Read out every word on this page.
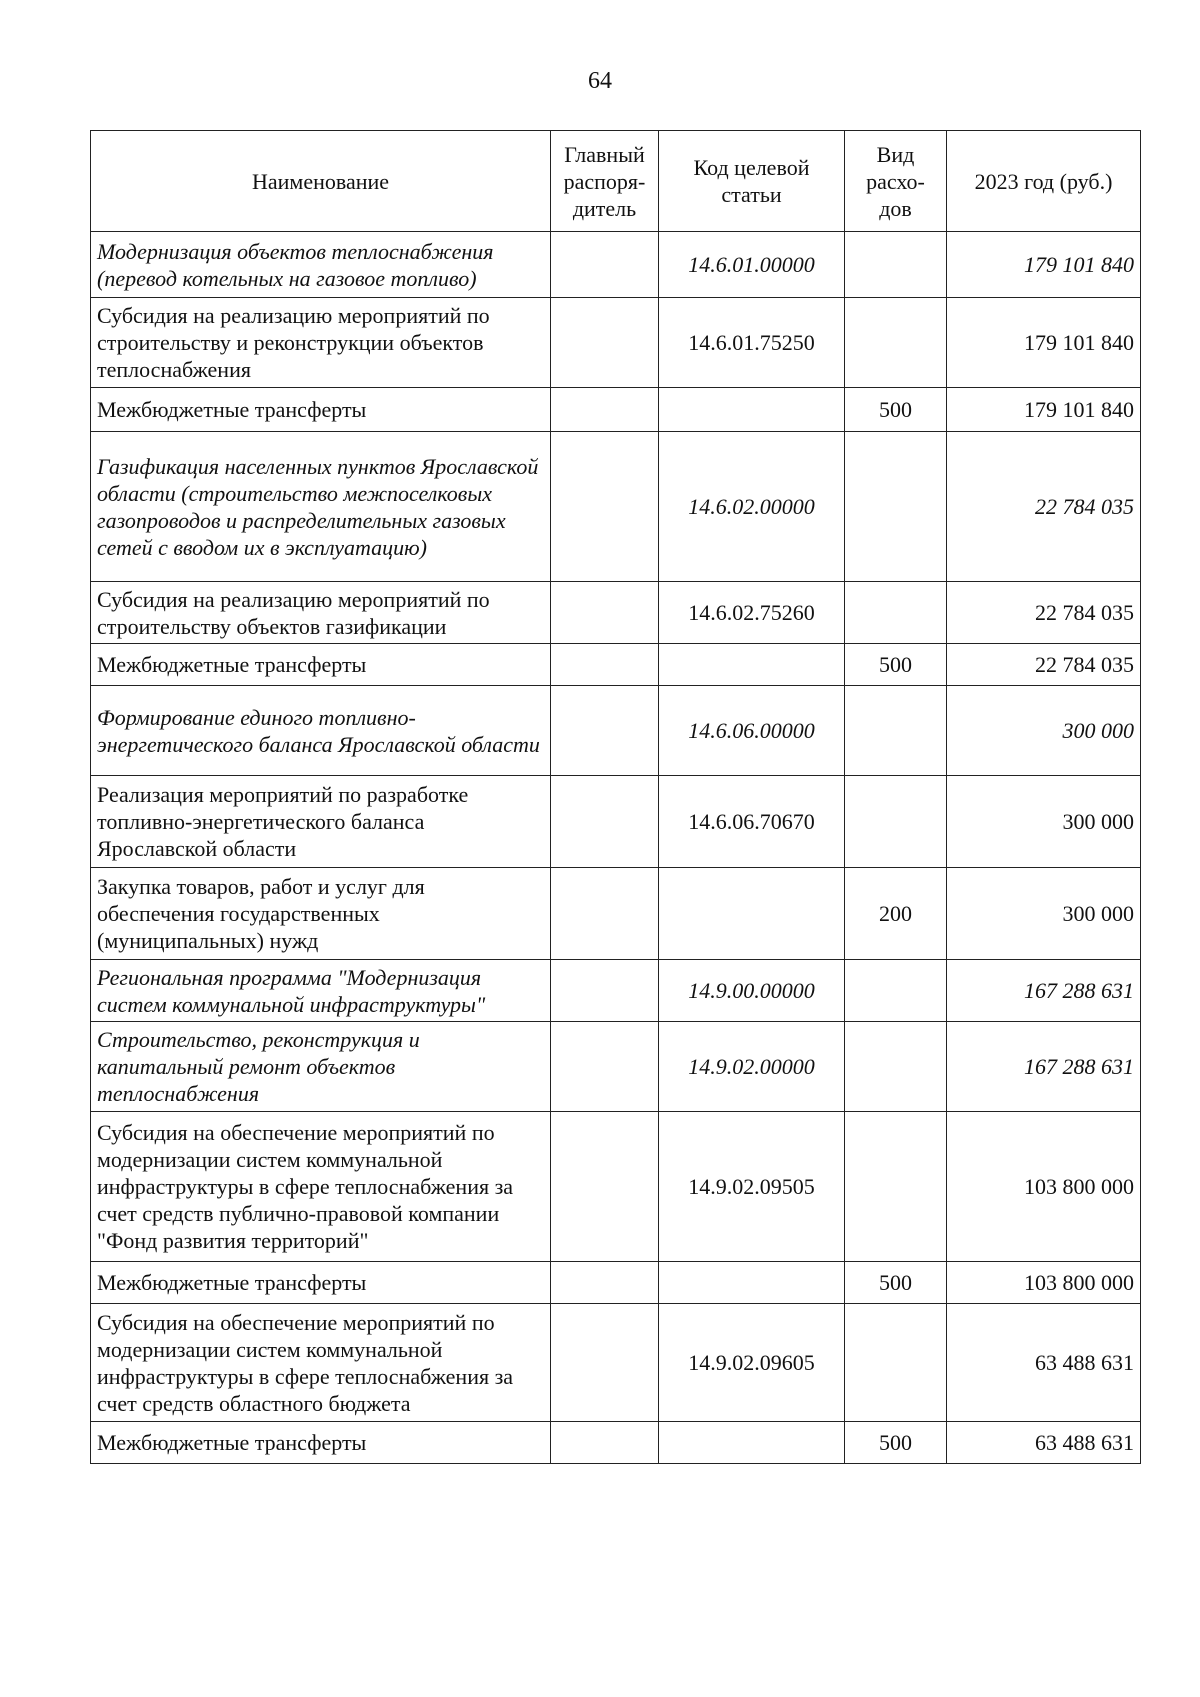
64
Наименование	Главный распоря- дитель	Код целевой статьи	Вид расхо- дов	2023 год (руб.)
Модернизация объектов теплоснабжения (перевод котельных на газовое топливо)		14.6.01.00000		179 101 840
Субсидия на реализацию мероприятий по строительству и реконструкции объектов теплоснабжения		14.6.01.75250		179 101 840
Межбюджетные трансферты			500	179 101 840
Газификация населенных пунктов Ярославской области (строительство межпоселковых газопроводов и распределительных газовых сетей с вводом их в эксплуатацию)		14.6.02.00000		22 784 035
Субсидия на реализацию мероприятий по строительству объектов газификации		14.6.02.75260		22 784 035
Межбюджетные трансферты			500	22 784 035
Формирование единого топливно-энергетического баланса Ярославской области		14.6.06.00000		300 000
Реализация мероприятий по разработке топливно-энергетического баланса Ярославской области		14.6.06.70670		300 000
Закупка товаров, работ и услуг для обеспечения государственных (муниципальных) нужд			200	300 000
Региональная программа "Модернизация систем коммунальной инфраструктуры"		14.9.00.00000		167 288 631
Строительство, реконструкция и капитальный ремонт объектов теплоснабжения		14.9.02.00000		167 288 631
Субсидия на обеспечение мероприятий по модернизации систем коммунальной инфраструктуры в сфере теплоснабжения за счет средств публично-правовой компании "Фонд развития территорий"		14.9.02.09505		103 800 000
Межбюджетные трансферты			500	103 800 000
Субсидия на обеспечение мероприятий по модернизации систем коммунальной инфраструктуры в сфере теплоснабжения за счет средств областного бюджета		14.9.02.09605		63 488 631
Межбюджетные трансферты			500	63 488 631
